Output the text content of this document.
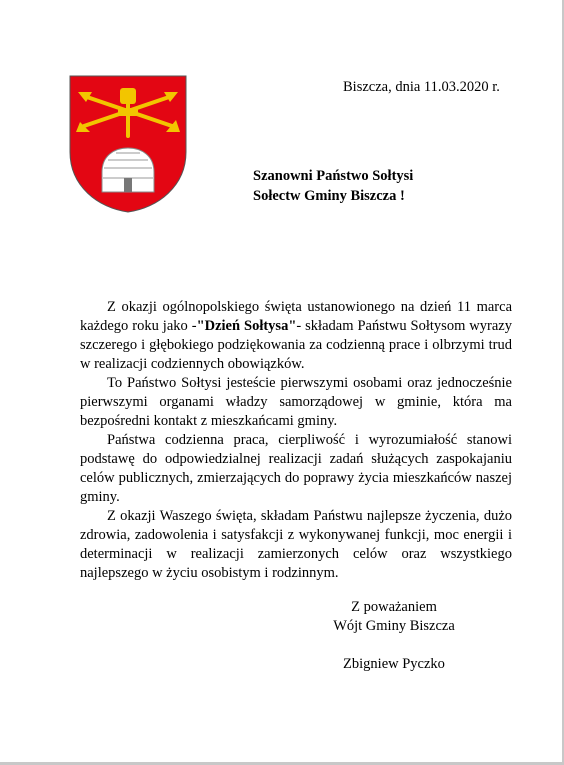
Biszcza, dnia 11.03.2020 r.
Szanowni Państwo Sołtysi
Sołectw Gminy Biszcza !

Z okazji ogólnopolskiego święta ustanowionego na dzień 11 marca każdego roku jako -"Dzień Sołtysa"- składam Państwu Sołtysom wyrazy szczerego i głębokiego podziękowania za codzienną prace i olbrzymi trud w realizacji codziennych obowiązków.

To Państwo Sołtysi jesteście pierwszymi osobami oraz jednocześnie pierwszymi organami władzy samorządowej w gminie, która ma bezpośredni kontakt z mieszkańcami gminy.

Państwa codzienna praca, cierpliwość i wyrozumiałość stanowi podstawę do odpowiedzialnej realizacji zadań służących zaspokajaniu celów publicznych, zmierzających do poprawy życia mieszkańców naszej gminy.

Z okazji Waszego święta, składam Państwu najlepsze życzenia, dużo zdrowia, zadowolenia i satysfakcji z wykonywanej funkcji, moc energii i determinacji w realizacji zamierzonych celów oraz wszystkiego najlepszego w życiu osobistym i rodzinnym.

Z poważaniem
Wójt Gminy Biszcza
Zbigniew Pyczko
